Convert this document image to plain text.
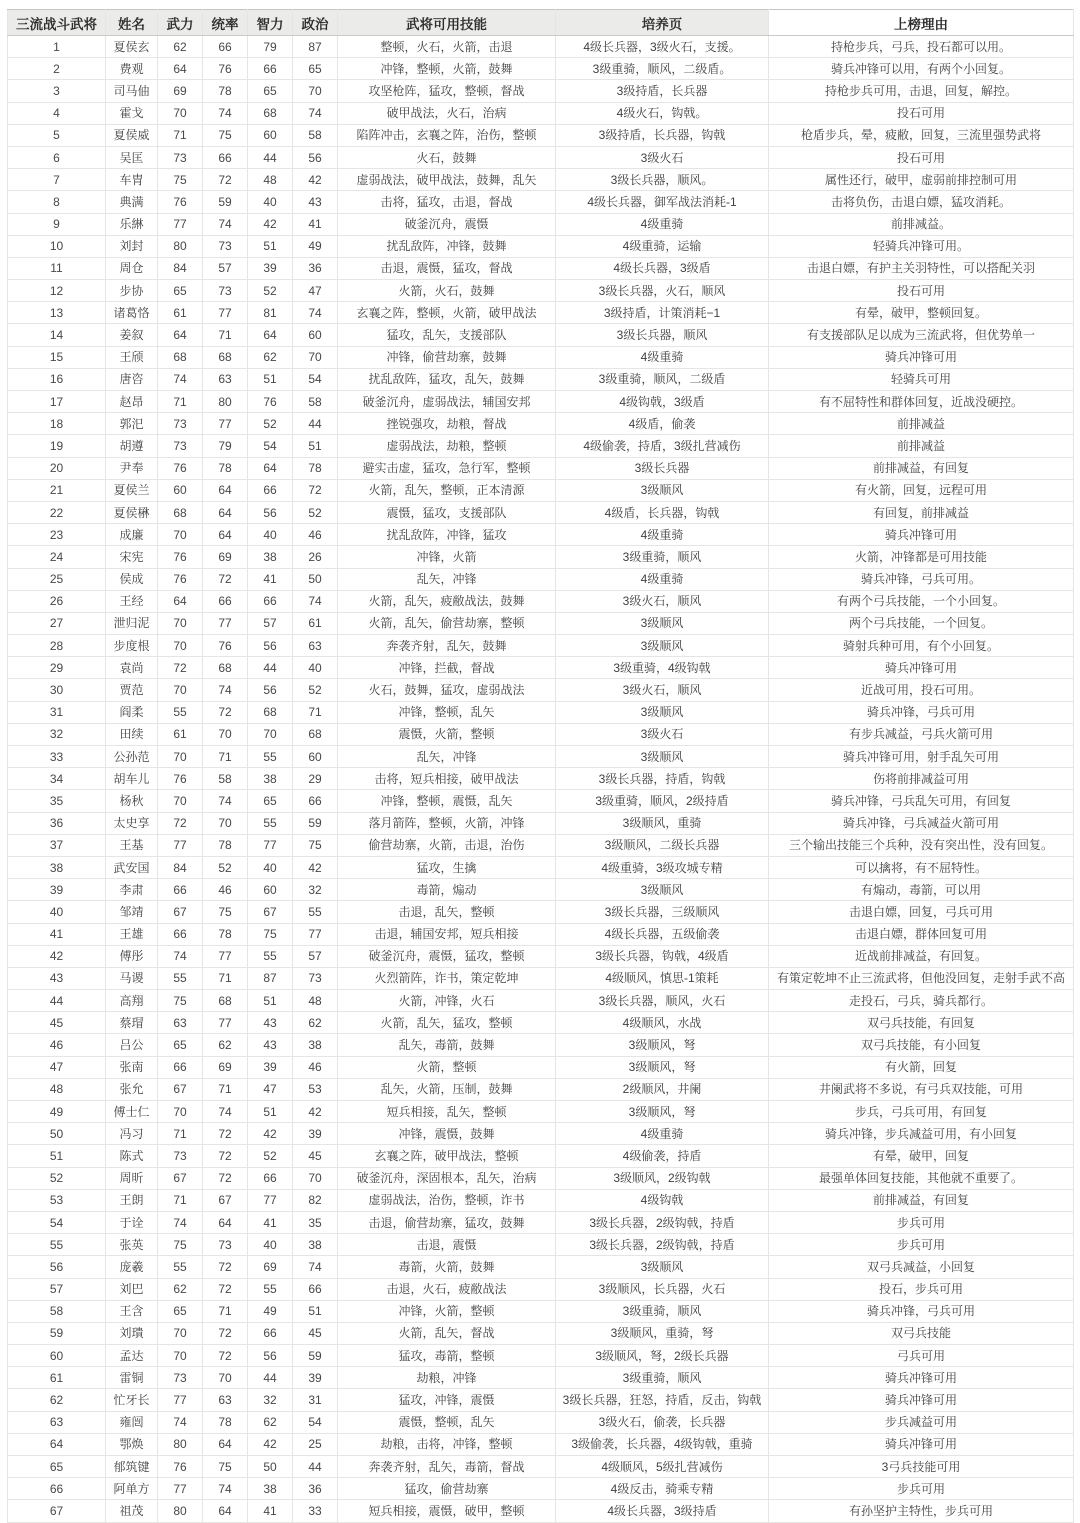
三流战斗武将	姓名	武力	统率	智力	政治	武将可用技能	培养页	上榜理由
1	夏侯玄	62	66	79	87	整顿，火石，火箭，击退	4级长兵器，3级火石，支援。	持枪步兵，弓兵，投石都可以用。
2	费观	64	76	66	65	冲锋，整顿，火箭，鼓舞	3级重骑，顺风，二级盾。	骑兵冲锋可以用，有两个小回复。
3	司马伷	69	78	65	70	攻坚枪阵，猛攻，整顿，督战	3级持盾，长兵器	持枪步兵可用，击退，回复，解控。
4	霍戈	70	74	68	74	破甲战法，火石，治病	4级火石，钩戟。	投石可用
5	夏侯威	71	75	60	58	陷阵冲击，玄襄之阵，治伤，整顿	3级持盾，长兵器，钩戟	枪盾步兵，晕，疲敝，回复，三流里强势武将
6	吴匡	73	66	44	56	火石，鼓舞	3级火石	投石可用
7	车胄	75	72	48	42	虚弱战法，破甲战法，鼓舞，乱矢	3级长兵器，顺风。	属性还行，破甲，虚弱前排控制可用
8	典满	76	59	40	43	击将，猛攻，击退，督战	4级长兵器，御军战法消耗-1	击将负伤，击退白嫖，猛攻消耗。
9	乐綝	77	74	42	41	破釜沉舟，震慑	4级重骑	前排减益。
10	刘封	80	73	51	49	扰乱敌阵，冲锋，鼓舞	4级重骑，运输	轻骑兵冲锋可用。
11	周仓	84	57	39	36	击退，震慑，猛攻，督战	4级长兵器，3级盾	击退白嫖，有护主关羽特性，可以搭配关羽
12	步协	65	73	52	47	火箭，火石，鼓舞	3级长兵器，火石，顺风	投石可用
13	诸葛恪	61	77	81	74	玄襄之阵，整顿，火箭，破甲战法	3级持盾，计策消耗−1	有晕，破甲，整顿回复。
14	姜叙	64	71	64	60	猛攻，乱矢，支援部队	3级长兵器，顺风	有支援部队足以成为三流武将，但优势单一
15	王颀	68	68	62	70	冲锋，偷营劫寨，鼓舞	4级重骑	骑兵冲锋可用
16	唐咨	74	63	51	54	扰乱敌阵，猛攻，乱矢，鼓舞	3级重骑，顺风，二级盾	轻骑兵可用
17	赵昂	71	80	76	58	破釜沉舟，虚弱战法，辅国安邦	4级钩戟，3级盾	有不屈特性和群体回复，近战没硬控。
18	郭汜	73	77	52	44	挫锐强攻，劫粮，督战	4级盾，偷袭	前排减益
19	胡遵	73	79	54	51	虚弱战法，劫粮，整顿	4级偷袭，持盾，3级扎营减伤	前排减益
20	尹奉	76	78	64	78	避实击虚，猛攻，急行军，整顿	3级长兵器	前排减益，有回复
21	夏侯兰	60	64	66	72	火箭，乱矢，整顿，正本清源	3级顺风	有火箭，回复，远程可用
22	夏侯楙	68	64	56	52	震慑，猛攻，支援部队	4级盾，长兵器，钩戟	有回复，前排减益
23	成廉	70	64	40	46	扰乱敌阵，冲锋，猛攻	4级重骑	骑兵冲锋可用
24	宋宪	76	69	38	26	冲锋，火箭	3级重骑，顺风	火箭，冲锋都是可用技能
25	侯成	76	72	41	50	乱矢，冲锋	4级重骑	骑兵冲锋，弓兵可用。
26	王经	64	66	66	74	火箭，乱矢，疲敝战法，鼓舞	3级火石，顺风	有两个弓兵技能，一个小回复。
27	泄归泥	70	77	57	61	火箭，乱矢，偷营劫寨，整顿	3级顺风	两个弓兵技能，一个回复。
28	步度根	70	76	56	63	奔袭齐射，乱矢，鼓舞	3级顺风	骑射兵种可用，有个小回复。
29	袁尚	72	68	44	40	冲锋，拦截，督战	3级重骑，4级钩戟	骑兵冲锋可用
30	贾范	70	74	56	52	火石，鼓舞，猛攻，虚弱战法	3级火石，顺风	近战可用，投石可用。
31	阎柔	55	72	68	71	冲锋，整顿，乱矢	3级顺风	骑兵冲锋，弓兵可用
32	田续	61	70	70	68	震慑，火箭，整顿	3级火石	有步兵减益，弓兵火箭可用
33	公孙范	70	71	55	60	乱矢，冲锋	3级顺风	骑兵冲锋可用，射手乱矢可用
34	胡车儿	76	58	38	29	击将，短兵相接，破甲战法	3级长兵器，持盾，钩戟	伤将前排减益可用
35	杨秋	70	74	65	66	冲锋，整顿，震慑，乱矢	3级重骑，顺风，2级持盾	骑兵冲锋，弓兵乱矢可用，有回复
36	太史享	72	70	55	59	落月箭阵，整顿，火箭，冲锋	3级顺风，重骑	骑兵冲锋，弓兵减益火箭可用
37	王基	77	78	77	75	偷营劫寨，火箭，击退，治伤	3级顺风，二级长兵器	三个输出技能三个兵种，没有突出性，没有回复。
38	武安国	84	52	40	42	猛攻，生擒	4级重骑，3级攻城专精	可以擒将，有不屈特性。
39	李肃	66	46	60	32	毒箭，煽动	3级顺风	有煽动，毒箭，可以用
40	邹靖	67	75	67	55	击退，乱矢，整顿	3级长兵器，三级顺风	击退白嫖，回复，弓兵可用
41	王雄	66	78	75	77	击退，辅国安邦，短兵相接	4级长兵器，五级偷袭	击退白嫖，群体回复可用
42	傅彤	74	77	55	57	破釜沉舟，震慑，猛攻，整顿	3级长兵器，钩戟，4级盾	近战前排减益，有回复。
43	马谡	55	71	87	73	火烈箭阵，诈书，策定乾坤	4级顺风，慎思-1策耗	有策定乾坤不止三流武将，但他没回复，走射手武不高
44	高翔	75	68	51	48	火箭，冲锋，火石	3级长兵器，顺风，火石	走投石，弓兵，骑兵都行。
45	蔡瑁	63	77	43	62	火箭，乱矢，猛攻，整顿	4级顺风，水战	双弓兵技能，有回复
46	吕公	65	62	43	38	乱矢，毒箭，鼓舞	3级顺风，弩	双弓兵技能，有小回复
47	张南	66	69	39	46	火箭，整顿	3级顺风，弩	有火箭，回复
48	张允	67	71	47	53	乱矢，火箭，压制，鼓舞	2级顺风，井阑	井阑武将不多说，有弓兵双技能，可用
49	傅士仁	70	74	51	42	短兵相接，乱矢，整顿	3级顺风，弩	步兵，弓兵可用，有回复
50	冯习	71	72	42	39	冲锋，震慑，鼓舞	4级重骑	骑兵冲锋，步兵减益可用，有小回复
51	陈式	73	72	52	45	玄襄之阵，破甲战法，整顿	4级偷袭，持盾	有晕，破甲，回复
52	周昕	67	72	66	70	破釜沉舟，深固根本，乱矢，治病	3级顺风，2级钩戟	最强单体回复技能，其他就不重要了。
53	王朗	71	67	77	82	虚弱战法，治伤，整顿，诈书	4级钩戟	前排减益，有回复
54	于诠	74	64	41	35	击退，偷营劫寨，猛攻，鼓舞	3级长兵器，2级钩戟，持盾	步兵可用
55	张英	75	73	40	38	击退，震慑	3级长兵器，2级钩戟，持盾	步兵可用
56	庞羲	55	72	69	74	毒箭，火箭，鼓舞	3级顺风	双弓兵减益，小回复
57	刘巴	62	72	55	66	击退，火石，疲敝战法	3级顺风，长兵器，火石	投石，步兵可用
58	王含	65	71	49	51	冲锋，火箭，整顿	3级重骑，顺风	骑兵冲锋，弓兵可用
59	刘璝	70	72	66	45	火箭，乱矢，督战	3级顺风，重骑，弩	双弓兵技能
60	孟达	70	72	56	59	猛攻，毒箭，整顿	3级顺风，弩，2级长兵器	弓兵可用
61	雷铜	73	70	44	39	劫粮，冲锋	3级重骑，顺风	骑兵冲锋可用
62	忙牙长	77	63	32	31	猛攻，冲锋，震慑	3级长兵器，狂怒，持盾，反击，钩戟	骑兵冲锋可用
63	雍闿	74	78	62	54	震慑，整顿，乱矢	3级火石，偷袭，长兵器	步兵减益可用
64	鄂焕	80	64	42	25	劫粮，击将，冲锋，整顿	3级偷袭，长兵器，4级钩戟，重骑	骑兵冲锋可用
65	郁筑键	76	75	50	44	奔袭齐射，乱矢，毒箭，督战	4级顺风，5级扎营减伤	3弓兵技能可用
66	阿单方	77	74	38	36	猛攻，偷营劫寨	4级反击，骑乘专精	步兵可用
67	祖茂	80	64	41	33	短兵相接，震慑，破甲，整顿	4级长兵器，3级持盾	有孙坚护主特性，步兵可用
